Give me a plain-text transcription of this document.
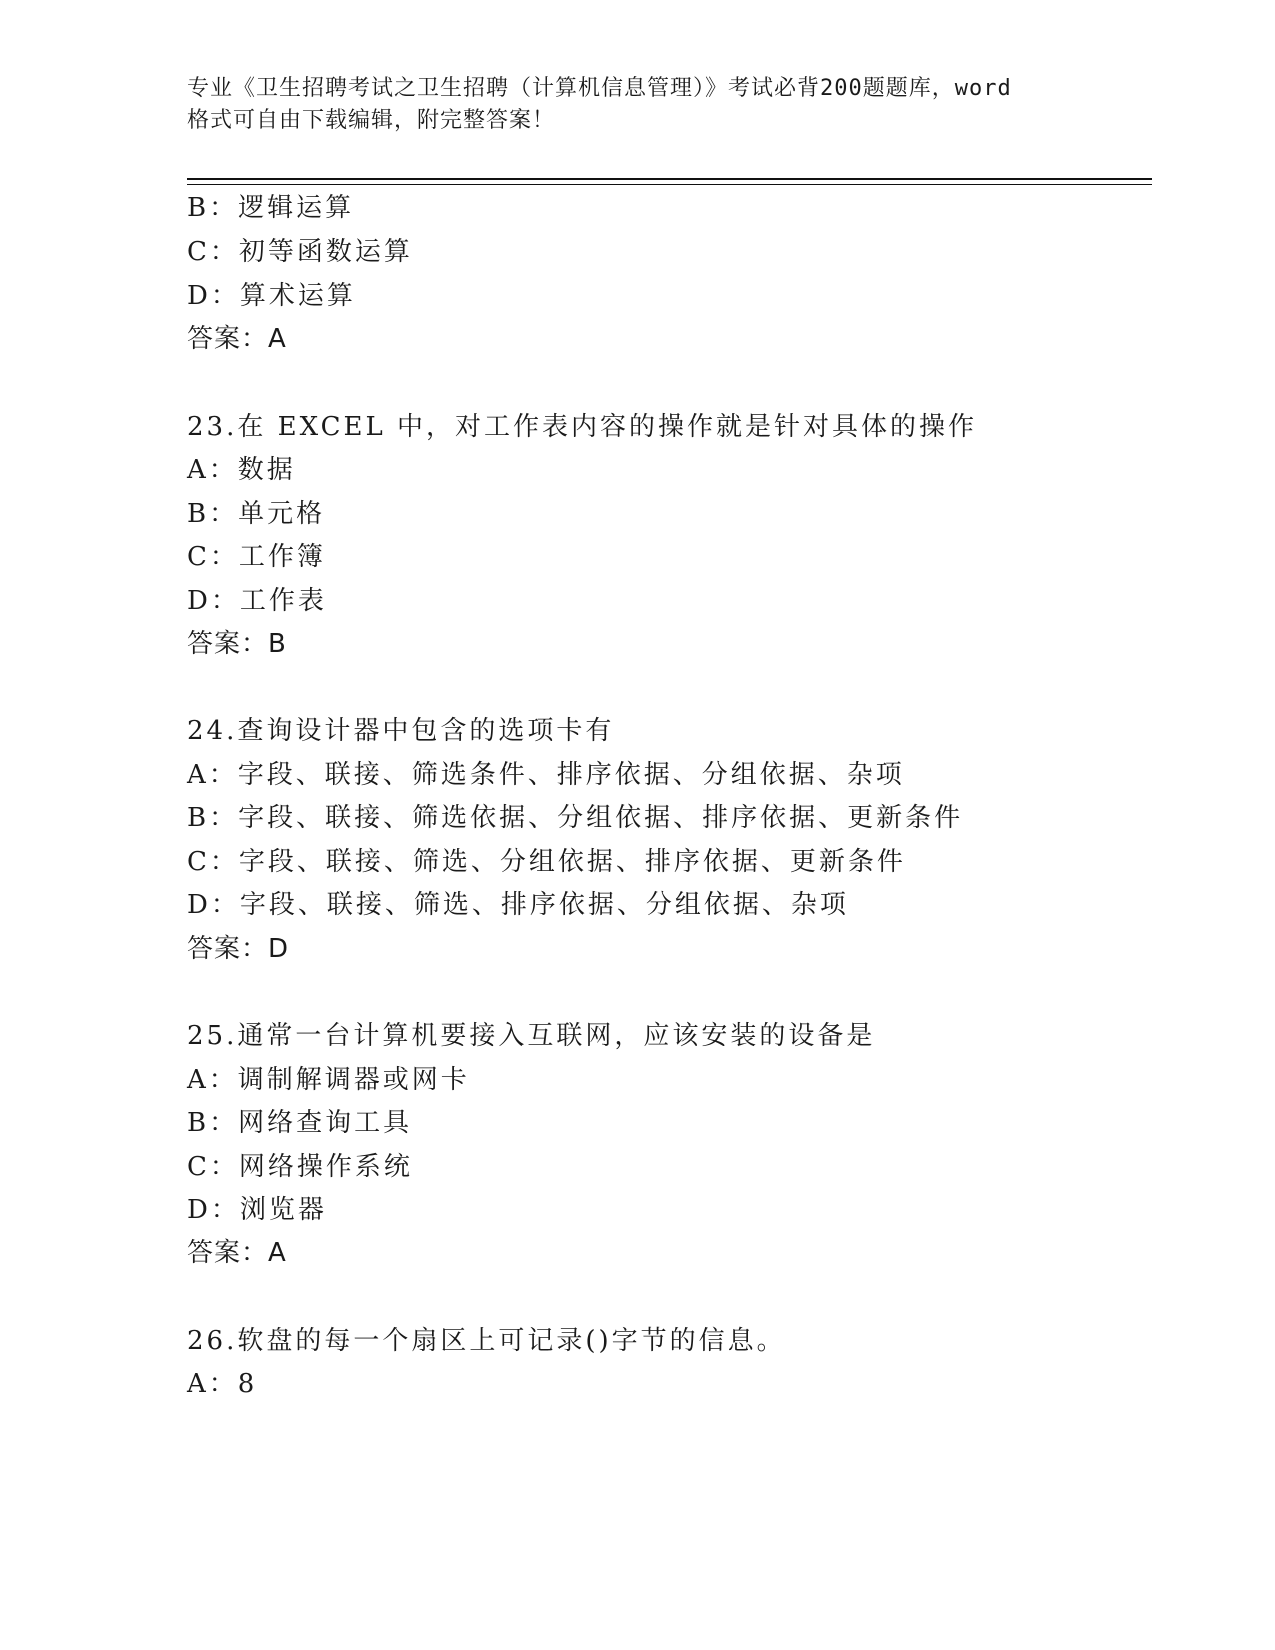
专业《卫生招聘考试之卫生招聘（计算机信息管理）》考试必背200题题库，word
格式可自由下载编辑，附完整答案！
B：逻辑运算
C：初等函数运算
D：算术运算
答案：A
23.在 EXCEL 中，对工作表内容的操作就是针对具体的操作
A：数据
B：单元格
C：工作簿
D：工作表
答案：B
24.查询设计器中包含的选项卡有
A：字段、联接、筛选条件、排序依据、分组依据、杂项
B：字段、联接、筛选依据、分组依据、排序依据、更新条件
C：字段、联接、筛选、分组依据、排序依据、更新条件
D：字段、联接、筛选、排序依据、分组依据、杂项
答案：D
25.通常一台计算机要接入互联网，应该安装的设备是
A：调制解调器或网卡
B：网络查询工具
C：网络操作系统
D：浏览器
答案：A
26.软盘的每一个扇区上可记录()字节的信息。
A：8
